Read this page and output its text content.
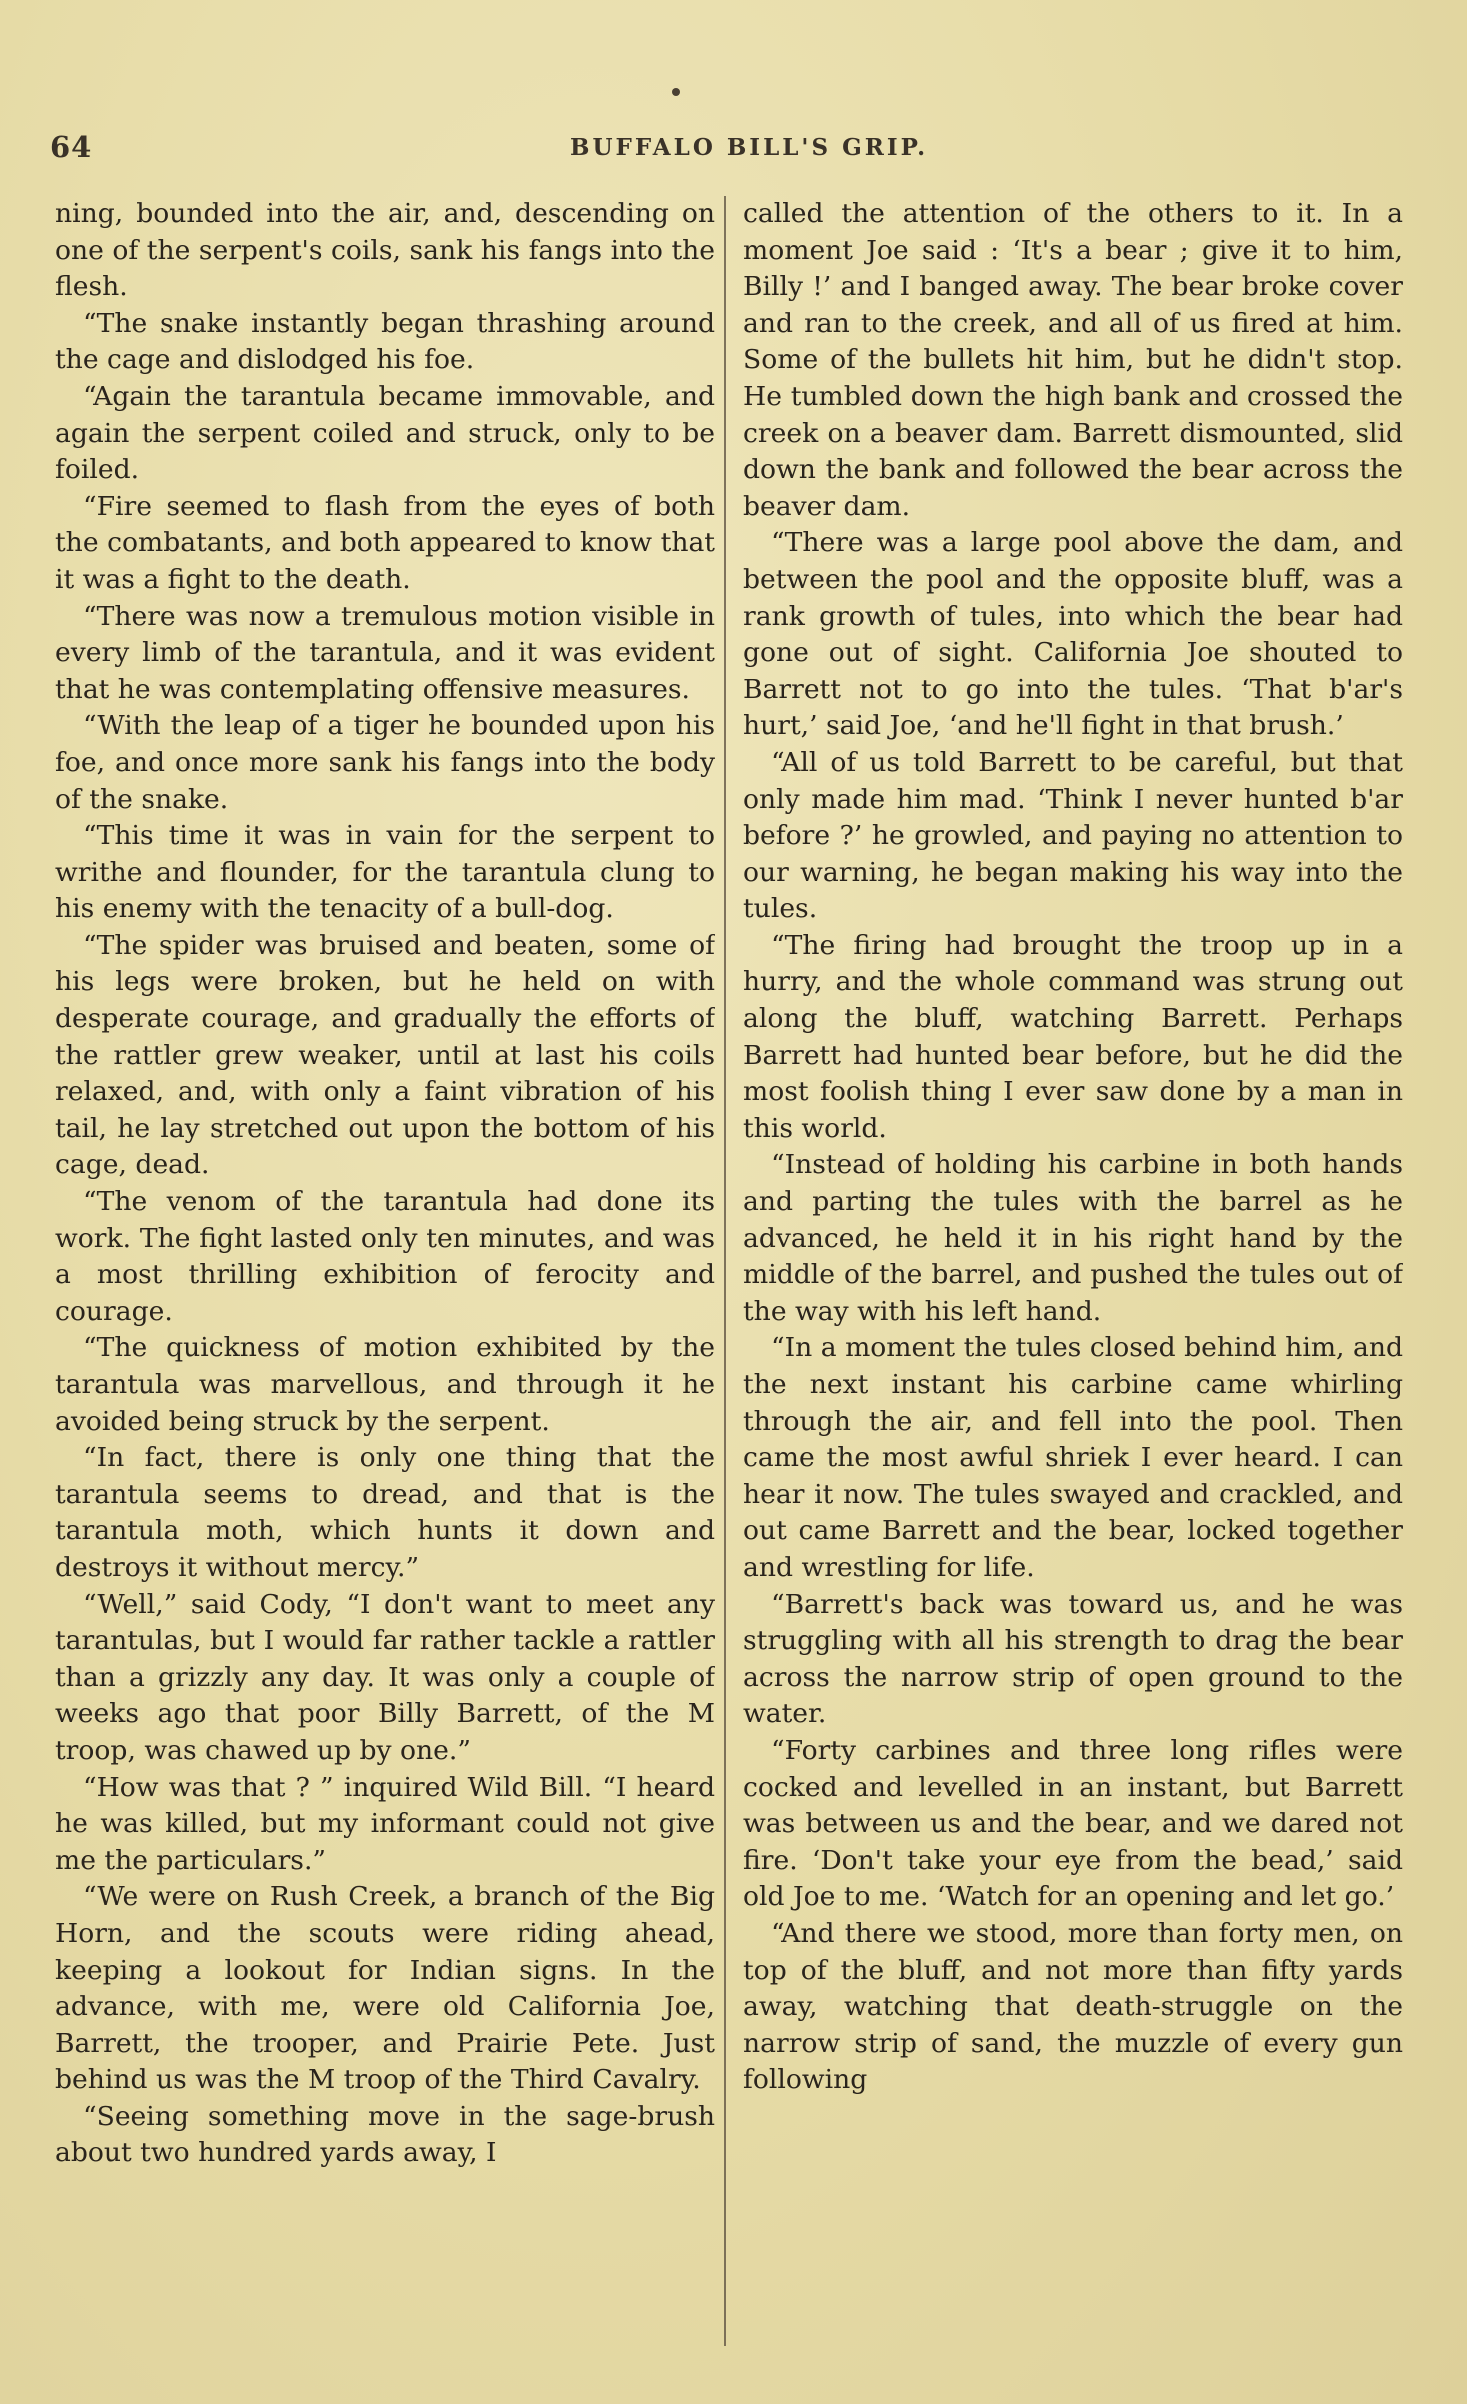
64	BUFFALO BILL'S GRIP.

ning, bounded into the air, and, descending on one of the serpent's coils, sank his fangs into the flesh.

“The snake instantly began thrashing around the cage and dislodged his foe.

“Again the tarantula became immovable, and again the serpent coiled and struck, only to be foiled.

“Fire seemed to flash from the eyes of both the combatants, and both appeared to know that it was a fight to the death.

“There was now a tremulous motion visible in every limb of the tarantula, and it was evident that he was contemplating offensive measures.

“With the leap of a tiger he bounded upon his foe, and once more sank his fangs into the body of the snake.

“This time it was in vain for the serpent to writhe and flounder, for the tarantula clung to his enemy with the tenacity of a bull-dog.

“The spider was bruised and beaten, some of his legs were broken, but he held on with desperate courage, and gradually the efforts of the rattler grew weaker, until at last his coils relaxed, and, with only a faint vibration of his tail, he lay stretched out upon the bottom of his cage, dead.

“The venom of the tarantula had done its work. The fight lasted only ten minutes, and was a most thrilling exhibition of ferocity and courage.

“The quickness of motion exhibited by the tarantula was marvellous, and through it he avoided being struck by the serpent.

“In fact, there is only one thing that the tarantula seems to dread, and that is the tarantula moth, which hunts it down and destroys it without mercy.”

“Well,” said Cody, “I don't want to meet any tarantulas, but I would far rather tackle a rattler than a grizzly any day. It was only a couple of weeks ago that poor Billy Barrett, of the M troop, was chawed up by one.”

“How was that ? ” inquired Wild Bill. “I heard he was killed, but my informant could not give me the particulars.”

“We were on Rush Creek, a branch of the Big Horn, and the scouts were riding ahead, keeping a lookout for Indian signs. In the advance, with me, were old California Joe, Barrett, the trooper, and Prairie Pete. Just behind us was the M troop of the Third Cavalry.

“Seeing something move in the sage-brush about two hundred yards away, I

called the attention of the others to it. In a moment Joe said : ‘It's a bear ; give it to him, Billy !’ and I banged away. The bear broke cover and ran to the creek, and all of us fired at him. Some of the bullets hit him, but he didn't stop. He tumbled down the high bank and crossed the creek on a beaver dam. Barrett dismounted, slid down the bank and followed the bear across the beaver dam.

“There was a large pool above the dam, and between the pool and the opposite bluff, was a rank growth of tules, into which the bear had gone out of sight. California Joe shouted to Barrett not to go into the tules. ‘That b'ar's hurt,’ said Joe, ‘and he'll fight in that brush.’

“All of us told Barrett to be careful, but that only made him mad. ‘Think I never hunted b'ar before ?’ he growled, and paying no attention to our warning, he began making his way into the tules.

“The firing had brought the troop up in a hurry, and the whole command was strung out along the bluff, watching Barrett. Perhaps Barrett had hunted bear before, but he did the most foolish thing I ever saw done by a man in this world.

“Instead of holding his carbine in both hands and parting the tules with the barrel as he advanced, he held it in his right hand by the middle of the barrel, and pushed the tules out of the way with his left hand.

“In a moment the tules closed behind him, and the next instant his carbine came whirling through the air, and fell into the pool. Then came the most awful shriek I ever heard. I can hear it now. The tules swayed and crackled, and out came Barrett and the bear, locked together and wrestling for life.

“Barrett's back was toward us, and he was struggling with all his strength to drag the bear across the narrow strip of open ground to the water.

“Forty carbines and three long rifles were cocked and levelled in an instant, but Barrett was between us and the bear, and we dared not fire. ‘Don't take your eye from the bead,’ said old Joe to me. ‘Watch for an opening and let go.’

“And there we stood, more than forty men, on top of the bluff, and not more than fifty yards away, watching that death-struggle on the narrow strip of sand, the muzzle of every gun following
